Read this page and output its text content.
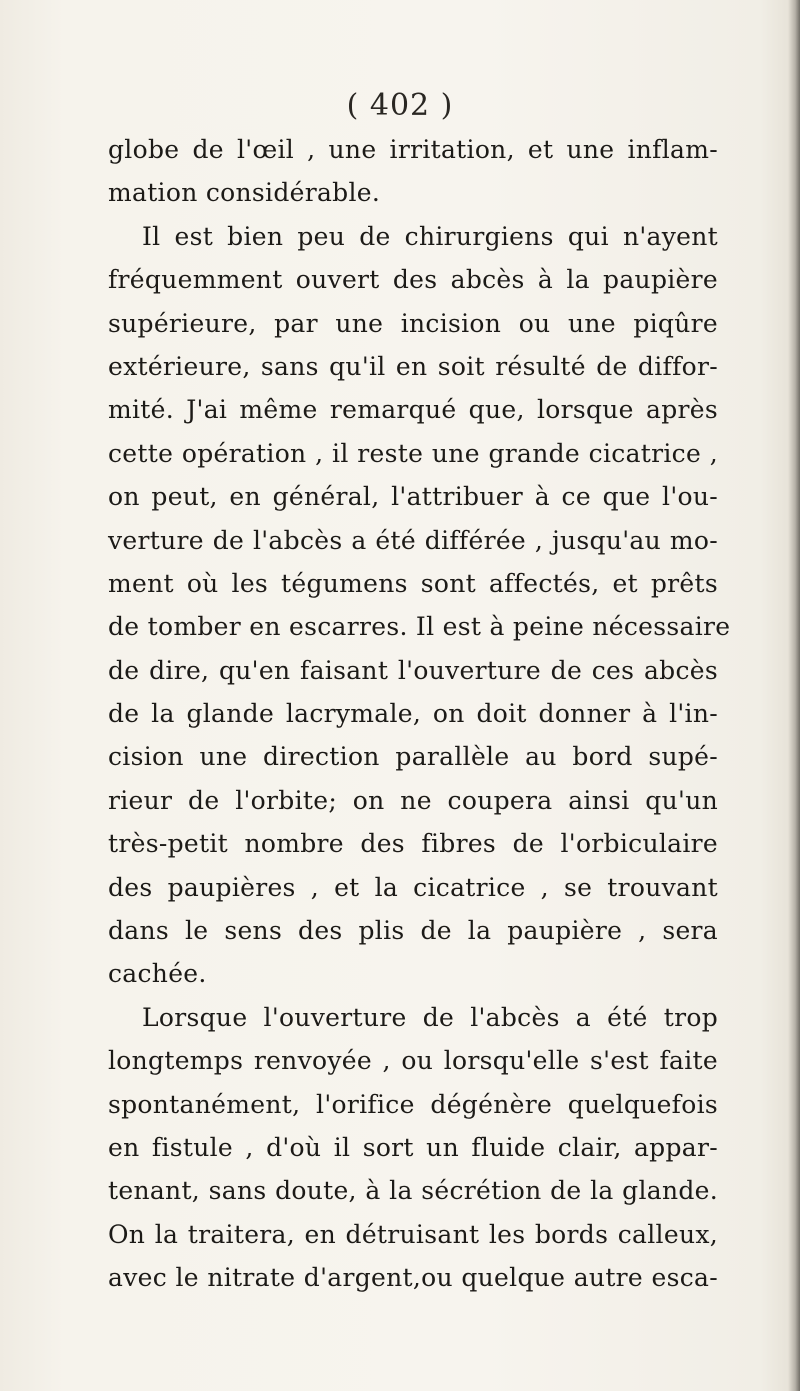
( 402 )
globe de l'œil , une irritation, et une inflam-
mation considérable.
Il est bien peu de chirurgiens qui n'ayent
fréquemment ouvert des abcès à la paupière
supérieure, par une incision ou une piqûre
extérieure, sans qu'il en soit résulté de diffor-
mité. J'ai même remarqué que, lorsque après
cette opération , il reste une grande cicatrice ,
on peut, en général, l'attribuer à ce que l'ou-
verture de l'abcès a été différée , jusqu'au mo-
ment où les tégumens sont affectés, et prêts
de tomber en escarres. Il est à peine nécessaire
de dire, qu'en faisant l'ouverture de ces abcès
de la glande lacrymale, on doit donner à l'in-
cision une direction parallèle au bord supé-
rieur de l'orbite; on ne coupera ainsi qu'un
très-petit nombre des fibres de l'orbiculaire
des paupières , et la cicatrice , se trouvant
dans le sens des plis de la paupière , sera
cachée.
Lorsque l'ouverture de l'abcès a été trop
longtemps renvoyée , ou lorsqu'elle s'est faite
spontanément, l'orifice dégénère quelquefois
en fistule , d'où il sort un fluide clair, appar-
tenant, sans doute, à la sécrétion de la glande.
On la traitera, en détruisant les bords calleux,
avec le nitrate d'argent,ou quelque autre esca-
